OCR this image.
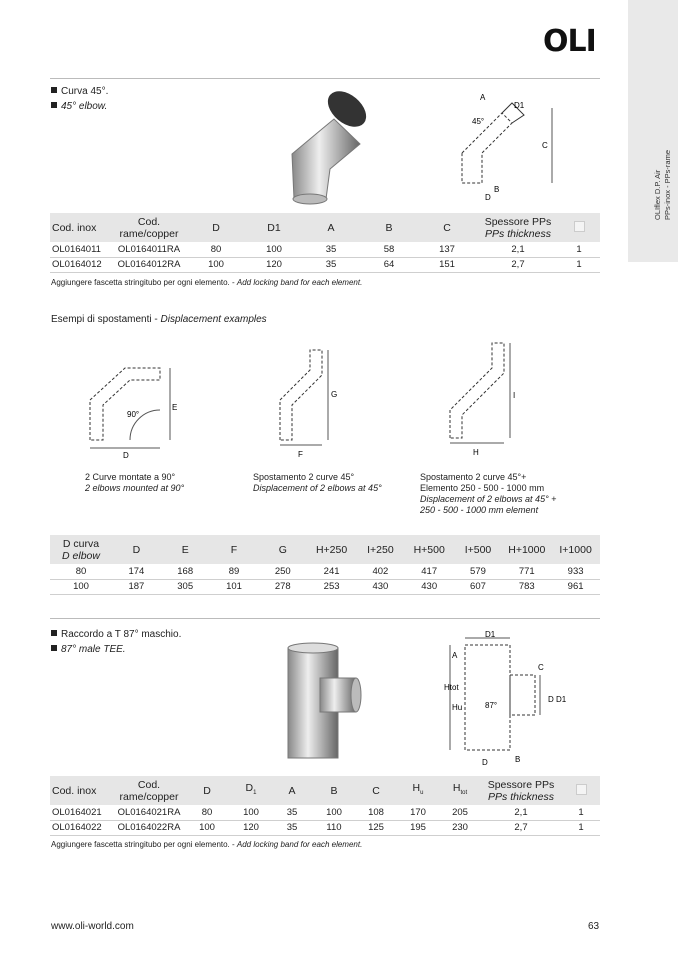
OLIflex D.P. Air PPs-inox - PPs-rame
OLI
Curva 45°.
45° elbow.
A
D1
45°
C
B
D
Cod. inox	Cod.
rame/copper	D	D1	A	B	C	Spessore PPs
PPs thickness	
OL0164011	OL0164011RA	80	100	35	58	137	2,1	1
OL0164012	OL0164012RA	100	120	35	64	151	2,7	1
Aggiungere fascetta stringitubo per ogni elemento. - Add locking band for each element.
Esempi di spostamenti - Displacement examples
E
90°
D
G
F
I
H
2 Curve montate a 90°
2 elbows mounted at 90°
Spostamento 2 curve 45°
Displacement of 2 elbows at 45°
Spostamento 2 curve 45°+
Elemento 250 - 500 - 1000 mm
Displacement of 2 elbows at 45° +
250 - 500 - 1000 mm element
D curva
D elbow	D	E	F	G	H+250	I+250	H+500	I+500	H+1000	I+1000
80	174	168	89	250	241	402	417	579	771	933
100	187	305	101	278	253	430	430	607	783	961
Raccordo a T 87° maschio.
87° male TEE.
D1
A
C
Htot
Hu	87°
D D1
D	B
Cod. inox	Cod.
rame/copper	D	$D_1$	A	B	C	$H_u$	$H_{tot}$	Spessore PPs
PPs thickness	
OL0164021	OL0164021RA	80	100	35	100	108	170	205	2,1	1
OL0164022	OL0164022RA	100	120	35	110	125	195	230	2,7	1
Aggiungere fascetta stringitubo per ogni elemento. - Add locking band for each element.
www.oli-world.com	63
